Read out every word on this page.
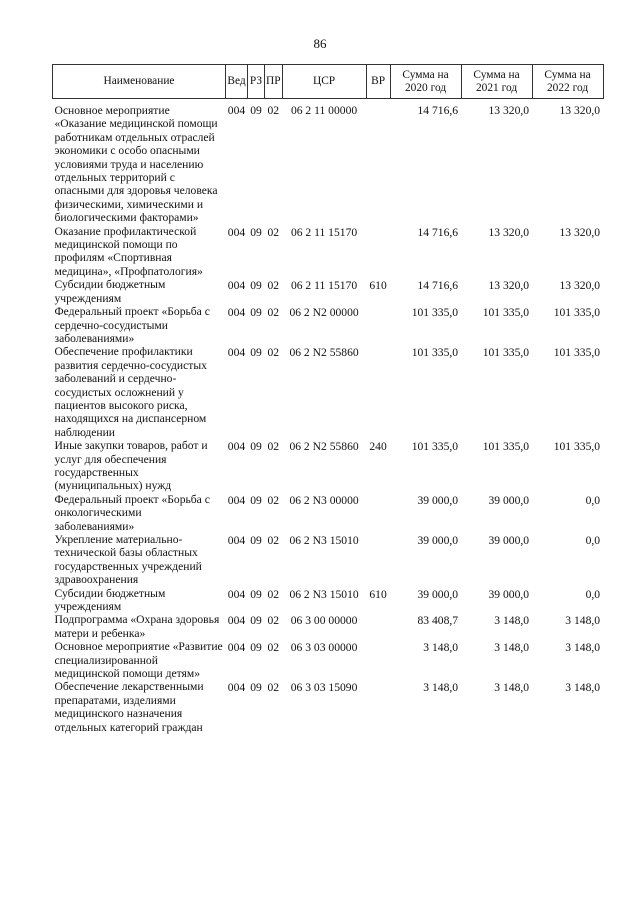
86
Наименование	Вед	РЗ	ПР	ЦСР	ВР	Сумма на 2020 год	Сумма на 2021 год	Сумма на 2022 год
Основное мероприятие «Оказание медицинской помощи работникам отдельных отраслей экономики с особо опасными условиями труда и населению отдельных территорий с опасными для здоровья человека физическими, химическими и биологическими факторами»	004	09	02	06 2 11 00000		14 716,6	13 320,0	13 320,0
Оказание профилактической медицинской помощи по профилям «Спортивная медицина», «Профпатология»	004	09	02	06 2 11 15170		14 716,6	13 320,0	13 320,0
Субсидии бюджетным учреждениям	004	09	02	06 2 11 15170	610	14 716,6	13 320,0	13 320,0
Федеральный проект «Борьба с сердечно-сосудистыми заболеваниями»	004	09	02	06 2 N2 00000		101 335,0	101 335,0	101 335,0
Обеспечение профилактики развития сердечно-сосудистых заболеваний и сердечно-сосудистых осложнений у пациентов высокого риска, находящихся на диспансерном наблюдении	004	09	02	06 2 N2 55860		101 335,0	101 335,0	101 335,0
Иные закупки товаров, работ и услуг для обеспечения государственных (муниципальных) нужд	004	09	02	06 2 N2 55860	240	101 335,0	101 335,0	101 335,0
Федеральный проект «Борьба с онкологическими заболеваниями»	004	09	02	06 2 N3 00000		39 000,0	39 000,0	0,0
Укрепление материально-технической базы областных государственных учреждений здравоохранения	004	09	02	06 2 N3 15010		39 000,0	39 000,0	0,0
Субсидии бюджетным учреждениям	004	09	02	06 2 N3 15010	610	39 000,0	39 000,0	0,0
Подпрограмма «Охрана здоровья матери и ребенка»	004	09	02	06 3 00 00000		83 408,7	3 148,0	3 148,0
Основное мероприятие «Развитие специализированной медицинской помощи детям»	004	09	02	06 3 03 00000		3 148,0	3 148,0	3 148,0
Обеспечение лекарственными препаратами, изделиями медицинского назначения отдельных категорий граждан	004	09	02	06 3 03 15090		3 148,0	3 148,0	3 148,0
